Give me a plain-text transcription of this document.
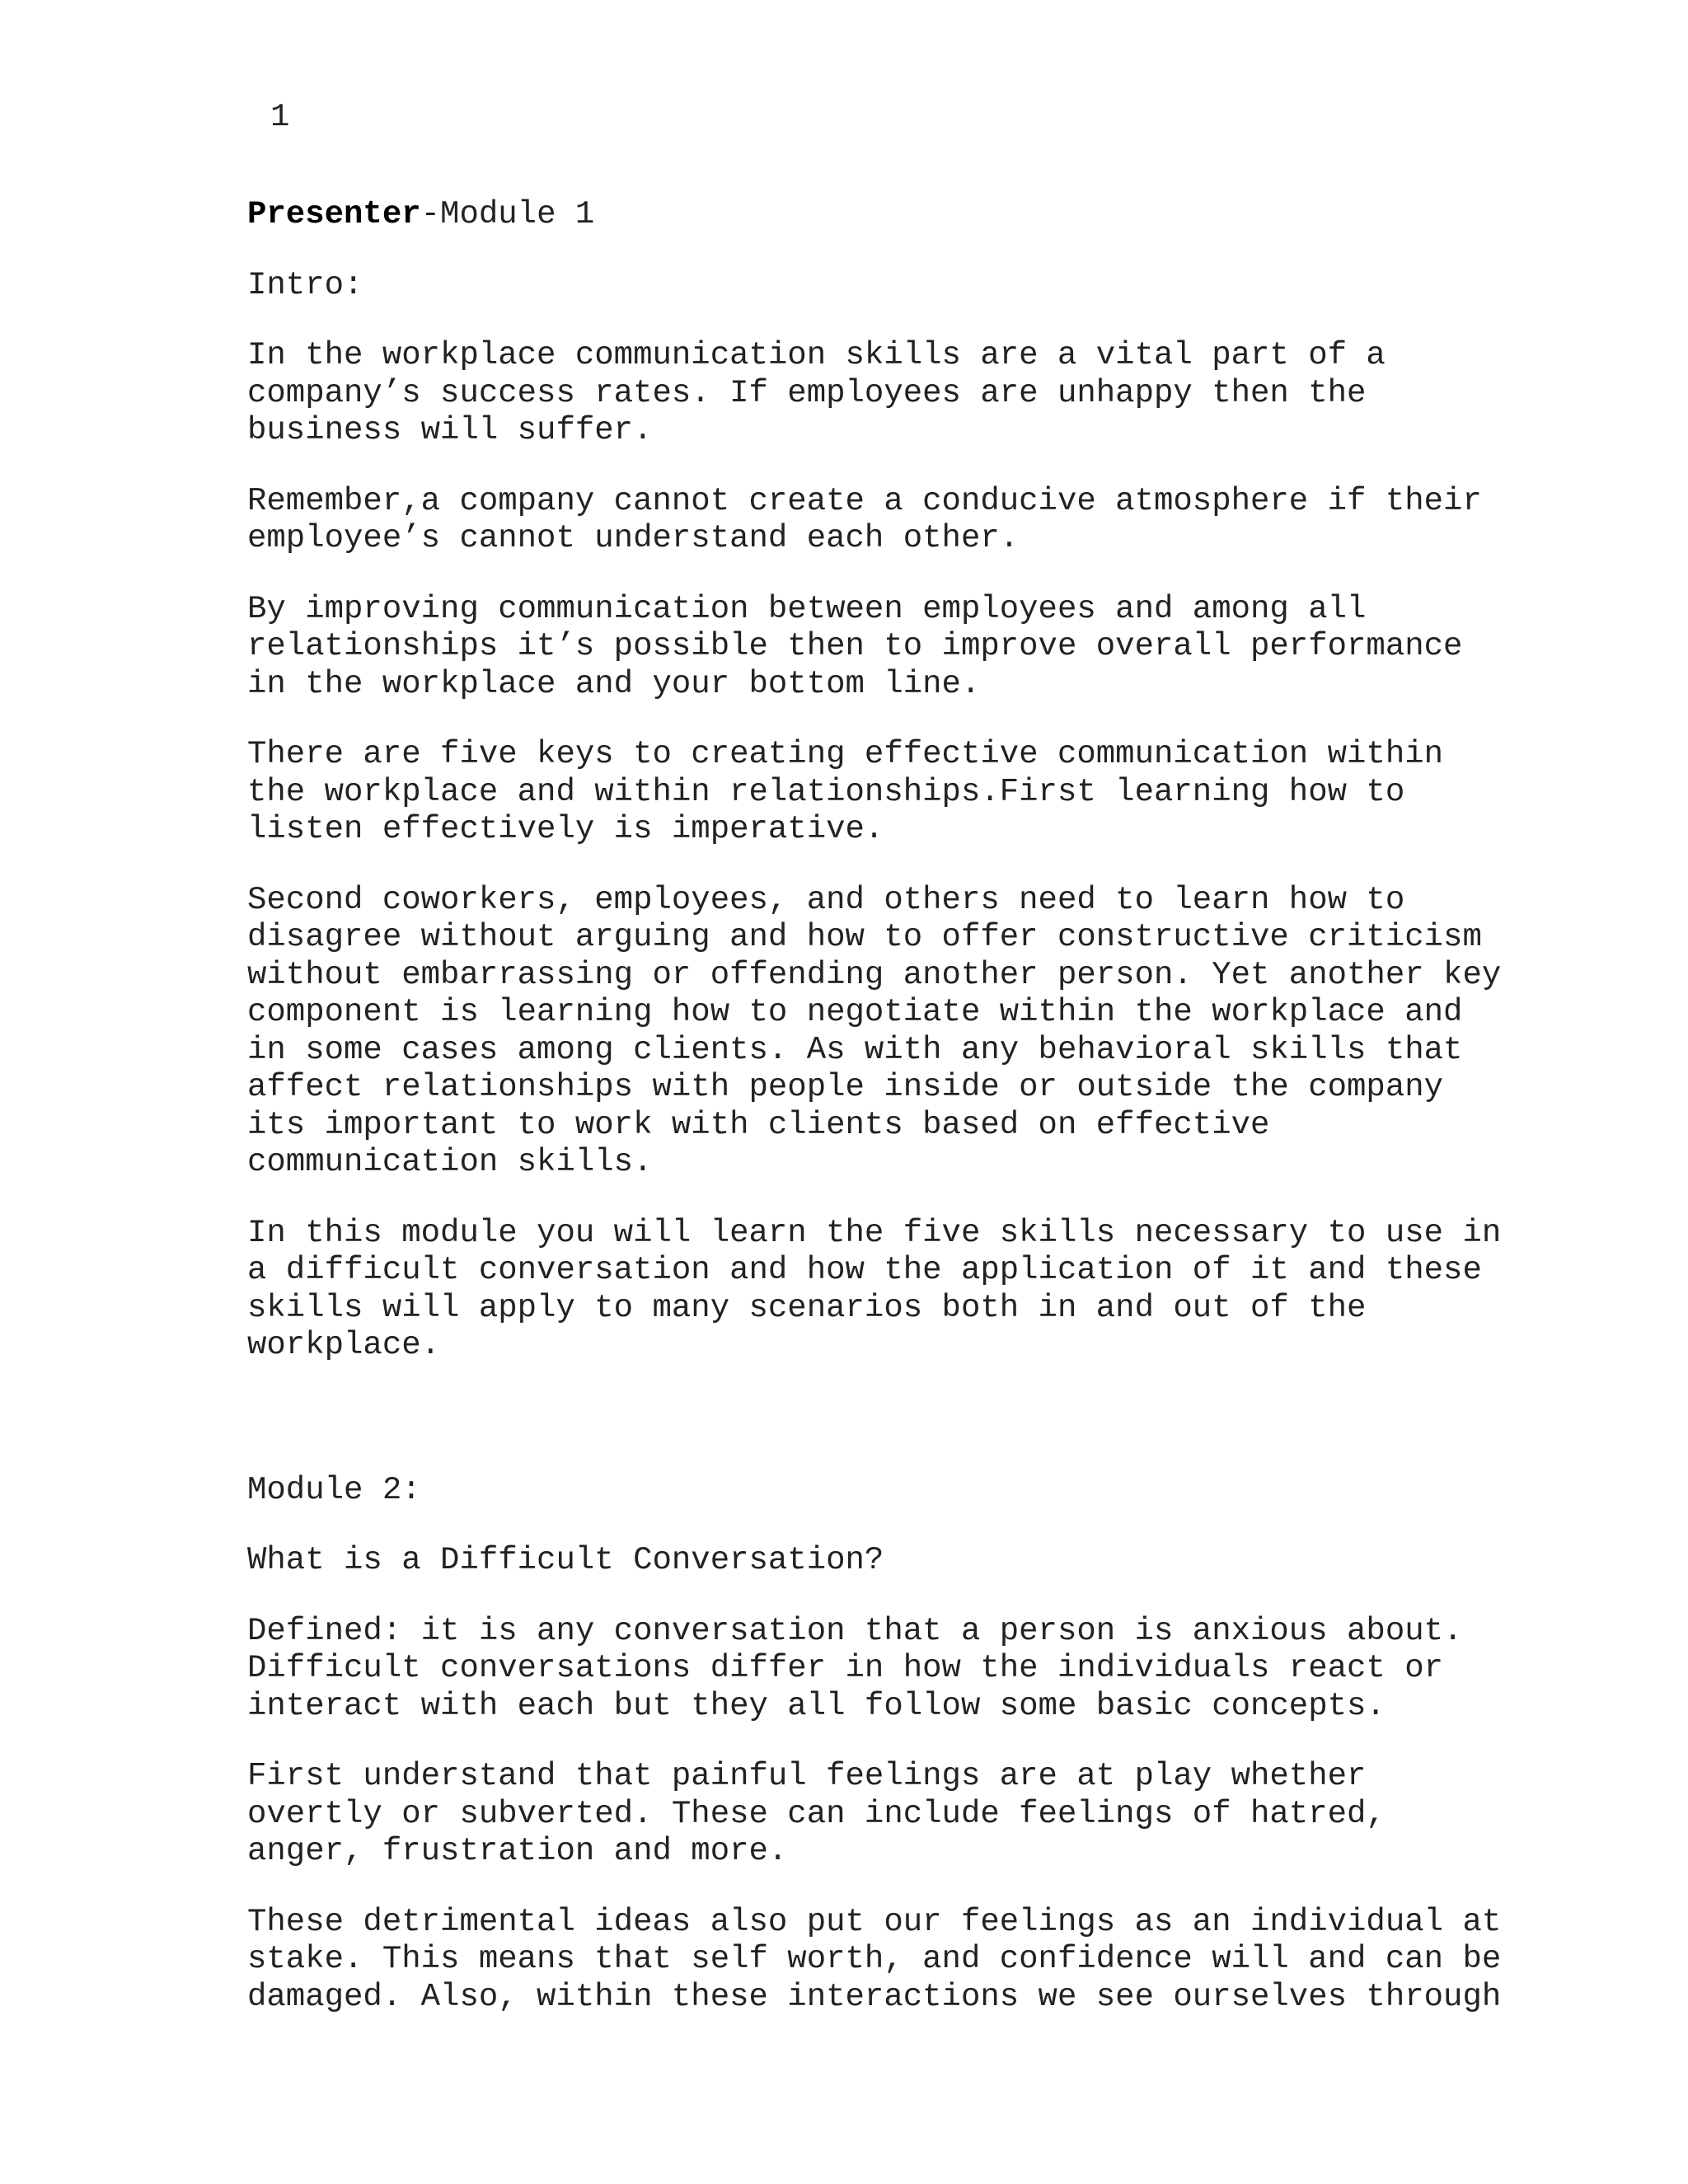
1

Presenter-Module 1

Intro:

In the workplace communication skills are a vital part of a
company’s success rates. If employees are unhappy then the
business will suffer.

Remember,a company cannot create a conducive atmosphere if their
employee’s cannot understand each other.

By improving communication between employees and among all
relationships it’s possible then to improve overall performance
in the workplace and your bottom line.

There are five keys to creating effective communication within
the workplace and within relationships.First learning how to
listen effectively is imperative.

Second coworkers, employees, and others need to learn how to
disagree without arguing and how to offer constructive criticism
without embarrassing or offending another person. Yet another key
component is learning how to negotiate within the workplace and
in some cases among clients. As with any behavioral skills that
affect relationships with people inside or outside the company
its important to work with clients based on effective
communication skills.

In this module you will learn the five skills necessary to use in
a difficult conversation and how the application of it and these
skills will apply to many scenarios both in and out of the
workplace.

Module 2:

What is a Difficult Conversation?

Defined: it is any conversation that a person is anxious about.
Difficult conversations differ in how the individuals react or
interact with each but they all follow some basic concepts.

First understand that painful feelings are at play whether
overtly or subverted. These can include feelings of hatred,
anger, frustration and more.

These detrimental ideas also put our feelings as an individual at
stake. This means that self worth, and confidence will and can be
damaged. Also, within these interactions we see ourselves through
